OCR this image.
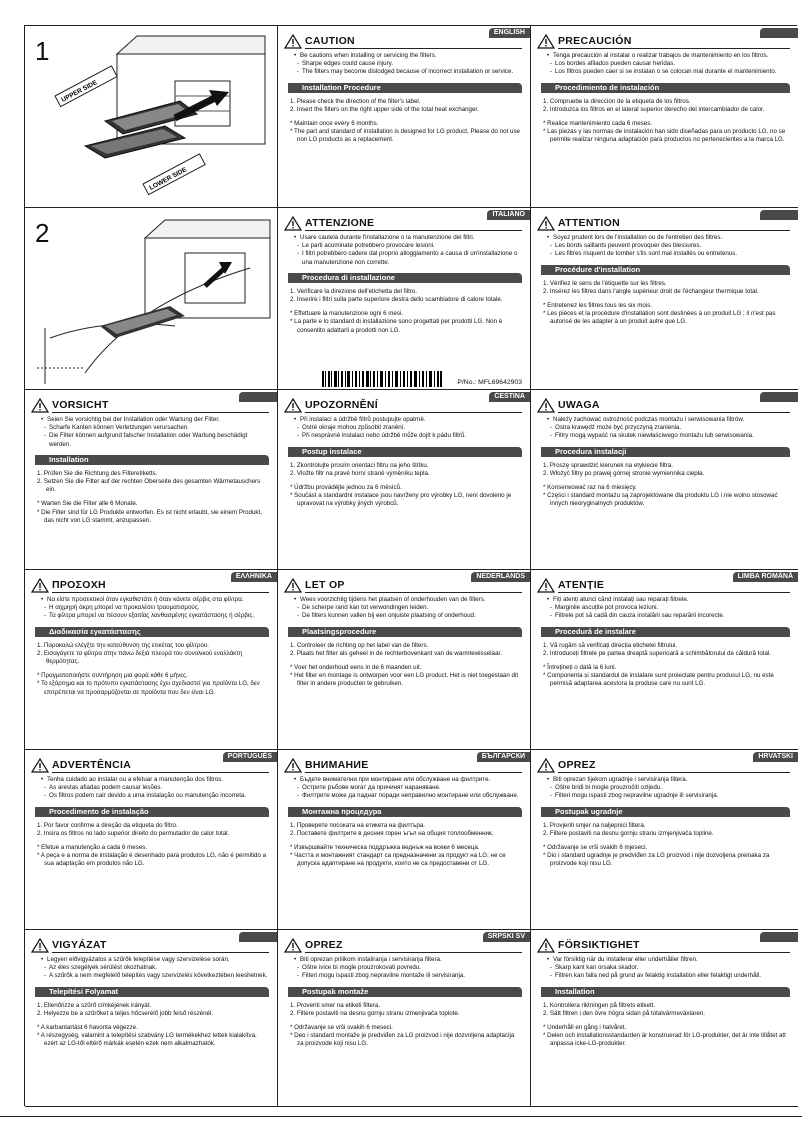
1
UPPER SIDE
LOWER SIDE
ENGLISH
CAUTION
• Be cautions when installing or servicing the filters.
- Sharpe edges could cause injury.
- The filters may become dislodged because of incorrect installation or service.
Installation Procedure
1. Please check the direction of the filter's label.
2. Insert the filters on the right upper side of the total heat exchanger.
* Maintain once every 6 months.
* The part and standard of installation is designed for LG product, Please do not use non LG products as a replacement.
PRECAUCIÓN
• Tenga precaución al instalar o realizar trabajos de mantenimiento en los filtros.
- Los bordes afilados pueden causar heridas.
- Los filtros pueden caer si se instalan o se colocan mal durante el mantenimiento.
Procedimiento de instalación
1. Compruebe la dirección de la etiqueta de los filtros.
2. Introduzca los filtros en el lateral superior derecho del intercambiador de calor.
* Realice mantenimiento cada 6 meses.
* Las piezas y las normas de instalación han sido diseñadas para un producto LG, no se permite realizar ninguna adaptación para productos no pertenecientes a la marca LG.
2
ITALIANO
ATTENZIONE
• Usare cautela durante l'installazione o la manutenzione dei filtri.
- Le parti acuminate potrebbero provocare lesioni.
- I filtri potrebbero cadere dal proprio alloggiamento a causa di un'installazione o una manutenzione non corrette.
Procedura di installazione
1. Verificare la direzione dell'etichetta del filtro.
2. Inserire i filtri sulla parte superiore destra dello scambiatore di calore totale.
* Effettuare la manutenzione ogni 6 mesi.
* La parte e lo standard di installazione sono progettati per prodotti LG. Non è consentito adattarli a prodotti non LG.
P/No.: MFL69642903
ATTENTION
• Soyez prudent lors de l'installation ou de l'entretien des filtres.
- Les bords saillants peuvent provoquer des blessures.
- Les filtres risquent de tomber s'ils sont mal installés ou entretenus.
Procédure d'installation
1. Vérifiez le sens de l'étiquette sur les filtres.
2. Insérez les filtres dans l'angle supérieur droit de l'échangeur thermique total.
* Entretenez les filtres tous les six mois.
* Les pièces et la procédure d'installation sont destinées à un produit LG ; il n'est pas autorisé de les adapter à un produit autre que LG.
VORSICHT
• Seien Sie vorsichtig bei der Installation oder Wartung der Filter.
- Scharfe Kanten können Verletzungen verursachen.
- Die Filter können aufgrund falscher Installation oder Wartung beschädigt werden.
Installation
1. Prüfen Sie die Richtung des Filteretiketts.
2. Setzen Sie die Filter auf der rechten Oberseite des gesamten Wärmetauschers ein.
* Warten Sie die Filter alle 6 Monate.
* Die Filter sind für LG Produkte entworfen. Es ist nicht erlaubt, sie einem Produkt, das nicht von LG stammt, anzupassen.
ČEŠTINA
UPOZORNĚNÍ
• Při instalaci a údržbě filtrů postupujte opatrně.
- Ostré okraje mohou způsobit zranění.
- Při nesprávné instalaci nebo údržbě může dojít k pádu filtrů.
Postup instalace
1. Zkontrolujte prosím orientaci filtru na jeho štítku.
2. Vložte filtr na pravé horní straně výměníku tepla.
* Údržbu provádějte jednou za 6 měsíců.
* Součást a standardní instalace jsou navrženy pro výrobky LG, není dovoleno je upravovat na výrobky jiných výrobců.
UWAGA
• Należy zachować ostrożność podczas montażu i serwisowania filtrów.
- Ostra krawędź może być przyczyną zranienia.
- Filtry mogą wypaść na skutek niewłaściwego montażu lub serwisowania.
Procedura instalacji
1. Proszę sprawdzić kierunek na etykiecie filtra.
2. Włożyć filtry po prawej górnej stronie wymiennika ciepła.
* Konserwować raz na 6 miesięcy.
* Części i standard montażu są zaprojektowane dla produktu LG i nie wolno stosować innych nieoryginalnych produktów.
ΕΛΛΗΝΙΚΑ
ΠΡΟΣΟΧΗ
• Να είστε προσεκτικοί όταν εγκαθιστάτε ή όταν κάνετε σέρβις στα φίλτρα.
- Η αιχμηρή άκρη μπορεί να προκαλέσει τραυματισμούς.
- Τα φίλτρα μπορεί να πέσουν εξαιτίας λανθασμένης εγκατάστασης ή σέρβις.
Διαδικασία εγκατάστασης
1. Παρακαλώ ελέγξτε την κατεύθυνση της ετικέτας του φίλτρου.
2. Εισαγάγετε τα φίλτρα στην πάνω δεξιά πλευρά του συνολικού εναλλάκτη θερμότητας.
* Πραγματοποιήστε συντήρηση μια φορά κάθε 6 μήνες.
* Το εξάρτημα και το πρότυπο εγκατάστασης έχει σχεδιαστεί για προϊόντα LG, δεν επιτρέπεται να προσαρμόζονται σε προϊόντα που δεν είναι LG.
NEDERLANDS
LET OP
• Wees voorzichtig tijdens het plaatsen of onderhouden van de filters.
- De scherpe rand kan tot verwondingen leiden.
- De filters kunnen vallen bij een onjuiste plaatsing of onderhoud.
Plaatsingsprocedure
1. Controleer de richting op het label van de filters.
2. Plaats het filter als geheel in de rechterbovenkant van de warmtewisselaar.
* Voer het onderhoud eens in de 6 maanden uit.
* Het filter en montage is ontworpen voor een LG product. Het is niet toegestaan dit filter in andere producten te gebruiken.
LIMBA ROMÂNĂ
ATENȚIE
• Fiți atenți atunci când instalați sau reparați filtrele.
- Marginile ascuțite pot provoca leziuni.
- Filtrele pot să cadă din cauza instalării sau reparării incorecte.
Procedură de instalare
1. Vă rugăm să verificați direcția etichetei filtrului.
2. Introduceți filtrele pe partea dreaptă superioară a schimbătorului de căldură total.
* Întrețineți o dată la 6 luni.
* Componenta și standardul de instalare sunt proiectate pentru produsul LG, nu este permisă adaptarea acestora la produse care nu sunt LG.
PORTUGUÊS
ADVERTÊNCIA
• Tenha cuidado ao instalar ou a efetuar a manutenção dos filtros.
- As arestas afiadas podem causar lesões.
- Os filtros podem cair devido a uma instalação ou manutenção incorreta.
Procedimento de instalação
1. Por favor confirme a direção da etiqueta do filtro.
2. Insira os filtros no lado superior direito do permutador de calor total.
* Efetue a manutenção a cada 6 meses.
* A peça e a norma de instalação é desenhado para produtos LG, não é permitido a sua adaptação em produtos não LG.
БЪЛГАРСКИ
ВНИМАНИЕ
• Бъдете внимателни при монтиране или обслужване на филтрите.
- Острите ръбове могат да причинят нараняване.
- Филтрите може да паднат поради неправилно монтиране или обслужване.
Монтажна процедура
1. Проверете посоката на етикета на филтъра.
2. Поставете филтрите в десния горен ъгъл на общия топлообменник.
* Извършвайте техническа поддръжка веднъж на всеки 6 месеца.
* Частта и монтажният стандарт са предназначени за продукт на LG; не се допуска адаптиране на продукти, които не са предоставени от LG.
HRVATSKI
OPREZ
• Biti oprezan tijekom ugradnje i servisiranja filtera.
- Oštre bridi bi mogle prouzročiti ozljedu.
- Filteri mogu ispasti zbog nepravilne ugradnje ili servisiranja.
Postupak ugradnje
1. Provjeriti smjer na naljepnici filtera.
2. Filtere postaviti na desnu gornju stranu izmjenjivača topline.
* Održavanje se vrši svakih 6 mjeseci.
* Dio i standard ugradnje je predviđen za LG proizvod i nije dozvoljena preinaka za proizvode koji nisu LG.
VIGYÁZAT
• Legyen elővigyázatos a szűrők telepítése vagy szervizelése során.
- Az éles szegélyek sérülést okozhatnak.
- A szűrők a nem megfelelő telepítés vagy szervizelés következtében leeshetnek.
Telepítési Folyamat
1. Ellenőrizze a szűrő címkéjének irányát.
2. Helyezze be a szűrőket a teljes hőcserélő jobb felső részénél.
* A karbantartást 6 havonta végezze.
* A részegység, valamint a telepítési szabvány LG termékekhez lettek kialakítva, ezért az LG-től eltérő márkák esetén ezek nem alkalmazhatók.
SRPSKI SV
OPREZ
• Biti oprezan prilikom instaliranja i servisiranja filtera.
- Oštre ivice bi mogle prouzrokovati povredu.
- Filteri mogu ispasti zbog nepravilne montaže ili servisiranja.
Postupak montaže
1. Proveriti smer na etiketi filtera.
2. Filtere postaviti na desnu gornju stranu izmenjivača toplote.
* Održavanje se vrši svakih 6 meseci.
* Deo i standard montaže je predviđen za LG proizvod i nije dozvoljena adaptacija za proizvode koji nisu LG.
FÖRSIKTIGHET
• Var försiktig när du installerar eller underhåller filtren.
- Skarp kant kan orsaka skador.
- Filtren kan falla ned på grund av felaktig installation eller felaktigt underhåll.
Installation
1. Kontrollera riktningen på filtrets etikett.
2. Sätt filtren i den övre högra sidan på totalvärmeväxlaren.
* Underhåll en gång i halvåret.
* Delen och installationsstandarden är konstruerad för LG-produkter, det är inte tillåtet att anpassa icke-LG-produkter.
